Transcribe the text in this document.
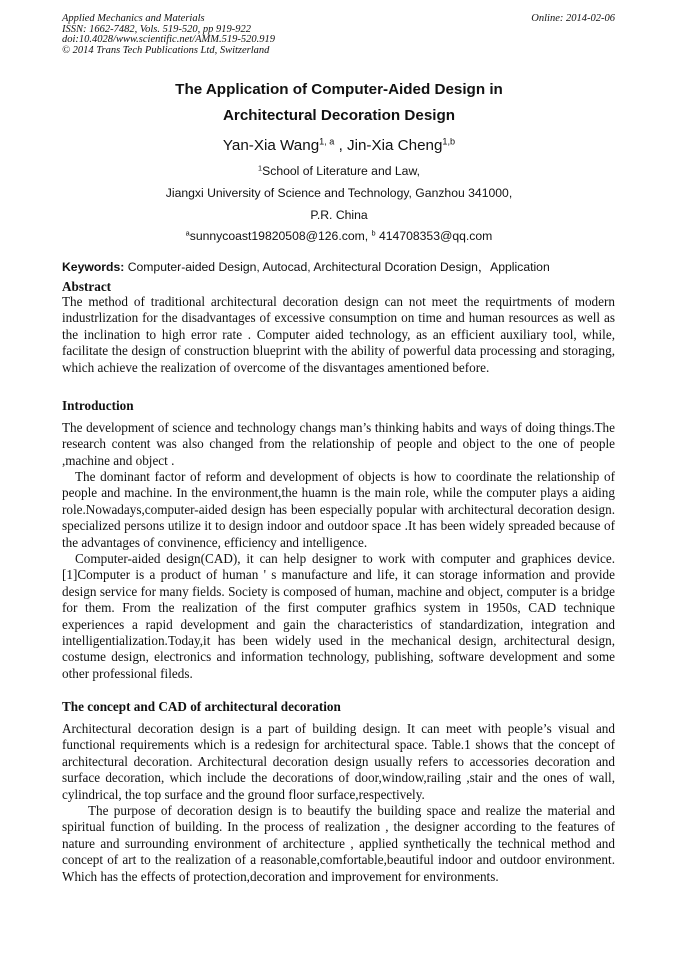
Applied Mechanics and Materials
ISSN: 1662-7482, Vols. 519-520, pp 919-922
doi:10.4028/www.scientific.net/AMM.519-520.919
© 2014 Trans Tech Publications Ltd, Switzerland
Online: 2014-02-06
The Application of Computer-Aided Design in
Architectural Decoration Design
Yan-Xia Wang$^{1, a}$ , Jin-Xia Cheng$^{1,b}$
$^1$School of Literature and Law,
Jiangxi University of Science and Technology, Ganzhou 341000,
P.R. China
$^a$sunnycoast19820508@126.com, $^b$ 414708353@qq.com
Keywords: Computer-aided Design, Autocad, Architectural Dcoration Design，Application
Abstract

The method of traditional architectural decoration design can not meet the requirtments of modern industrlization for the disadvantages of excessive consumption on time and human resources as well as the inclination to high error rate . Computer aided technology, as an efficient auxiliary tool, while, facilitate the design of construction blueprint with the ability of powerful data processing and storaging, which achieve the realization of overcome of the disvantages amentioned before.

Introduction

The development of science and technology changs man’s thinking habits and ways of doing things.The research content was also changed from the relationship of people and object to the one of people ,machine and object .

The dominant factor of reform and development of objects is how to coordinate the relationship of people and machine. In the environment,the huamn is the main role, while the computer plays a aiding role.Nowadays,computer-aided design has been especially popular with architectural decoration design. specialized persons utilize it to design indoor and outdoor space .It has been widely spreaded because of the advantages of convinence, efficiency and intelligence.

Computer-aided design(CAD), it can help designer to work with computer and graphices device.[1]Computer is a product of human ' s manufacture and life, it can storage information and provide design service for many fields. Society is composed of human, machine and object, computer is a bridge for them. From the realization of the first computer grafhics system in 1950s, CAD technique experiences a rapid development and gain the characteristics of standardization, integration and intelligentialization.Today,it has been widely used in the mechanical design, architectural design, costume design, electronics and information technology, publishing, software development and some other professional fileds.

The concept and CAD of architectural decoration

Architectural decoration design is a part of building design. It can meet with people’s visual and functional requirements which is a redesign for architectural space. Table.1 shows that the concept of architectural decoration. Architectural decoration design usually refers to accessories decoration and surface decoration, which include the decorations of door,window,railing ,stair and the ones of wall, cylindrical, the top surface and the ground floor surface,respectively.

The purpose of decoration design is to beautify the building space and realize the material and spiritual function of building. In the process of realization , the designer according to the features of nature and surrounding environment of architecture , applied synthetically the technical method and concept of art to the realization of a reasonable,comfortable,beautiful indoor and outdoor environment. Which has the effects of protection,decoration and improvement for environments.
